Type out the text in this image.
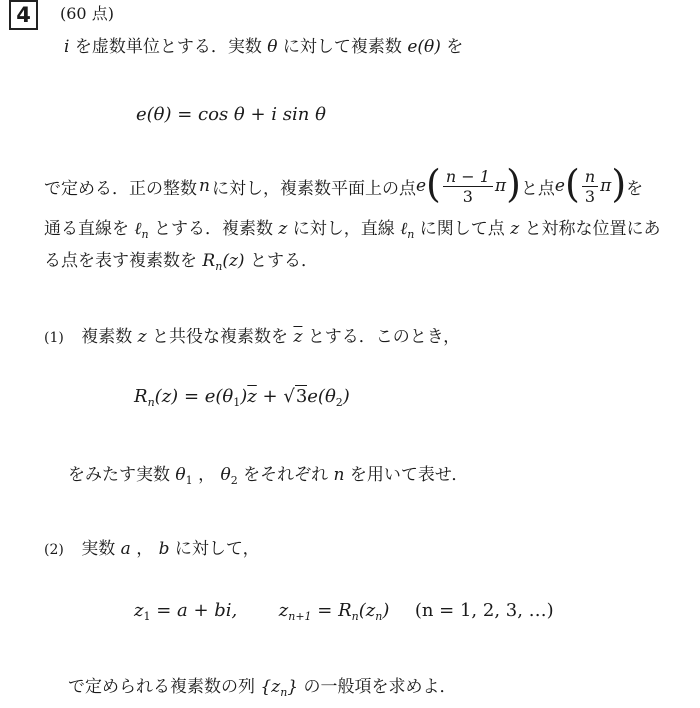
4	(60 点)
i を虚数単位とする．実数 θ に対して複素数 e(θ) を
e(θ) = cos θ + i sin θ
で定める．正の整数 n に対し，複素数平面上の点 e ( $\frac{n - 1}{3}$ π ) と点 e ( $\frac{n}{3}$ π ) を
通る直線を ℓ$_n$ とする．複素数 z に対し，直線 ℓ$_n$ に関して点 z と対称な位置にあ
る点を表す複素数を $R_n(z)$ とする．
(1) 複素数 z と共役な複素数を $\overline{z}$ とする．このとき，
$R_n(z) = e(\theta_1)\overline{z} + √3e(\theta_2)$
をみたす実数 $\theta_1$ ， $\theta_2$ をそれぞれ n を用いて表せ．
(2) 実数 a ， b に対して，
$z_1 = a$ + bi, $z_{n+1} = R_n(z_n) (n = 1$, 2, 3, …)
で定められる複素数の列 $\{z_n\}$ の一般項を求めよ．
